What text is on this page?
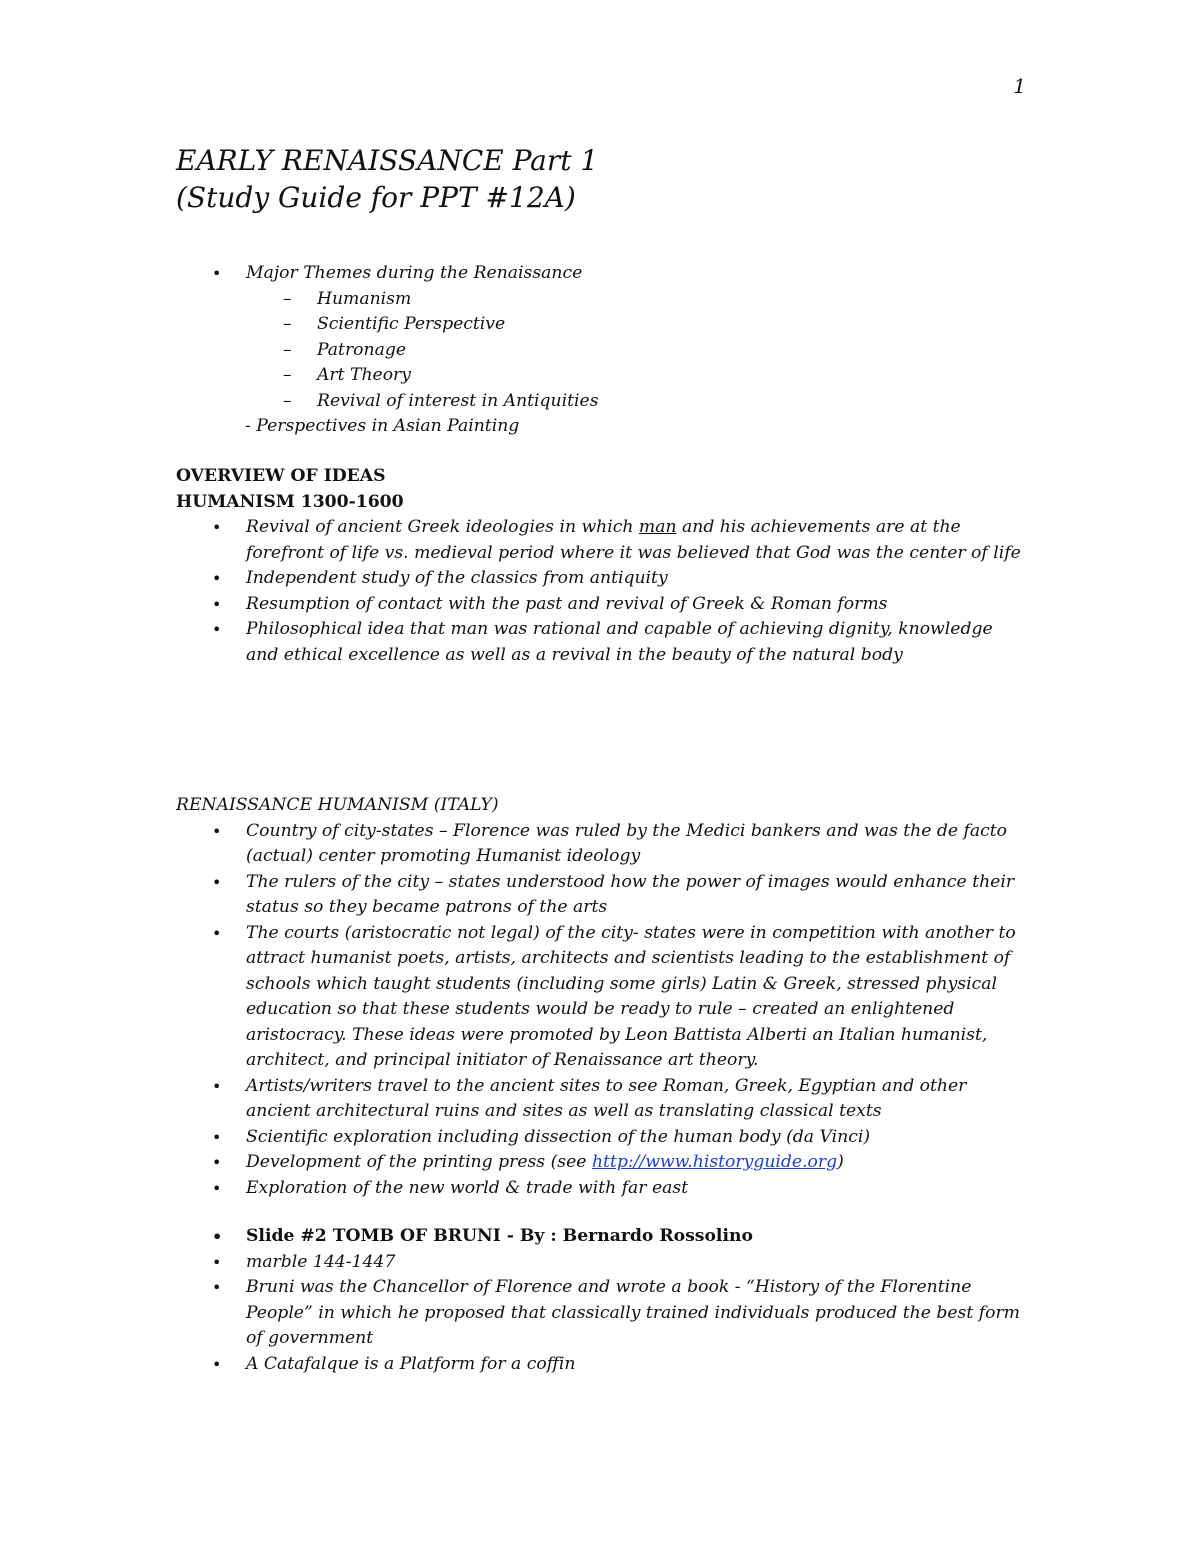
1
EARLY RENAISSANCE Part 1
(Study Guide for PPT #12A)
• Major Themes during the Renaissance
– Humanism
– Scientific Perspective
– Patronage
– Art Theory
– Revival of interest in Antiquities
- Perspectives in Asian Painting
OVERVIEW OF IDEAS
HUMANISM 1300-1600
• Revival of ancient Greek ideologies in which man and his achievements are at the forefront of life vs. medieval period where it was believed that God was the center of life
• Independent study of the classics from antiquity
• Resumption of contact with the past and revival of Greek & Roman forms
• Philosophical idea that man was rational and capable of achieving dignity, knowledge and ethical excellence as well as a revival in the beauty of the natural body
RENAISSANCE HUMANISM (ITALY)
• Country of city-states – Florence was ruled by the Medici bankers and was the de facto (actual) center promoting Humanist ideology
• The rulers of the city – states understood how the power of images would enhance their status so they became patrons of the arts
• The courts (aristocratic not legal) of the city- states were in competition with another to attract humanist poets, artists, architects and scientists leading to the establishment of schools which taught students (including some girls) Latin & Greek, stressed physical education so that these students would be ready to rule – created an enlightened aristocracy. These ideas were promoted by Leon Battista Alberti an Italian humanist, architect, and principal initiator of Renaissance art theory.
• Artists/writers travel to the ancient sites to see Roman, Greek, Egyptian and other ancient architectural ruins and sites as well as translating classical texts
• Scientific exploration including dissection of the human body (da Vinci)
• Development of the printing press (see http://www.historyguide.org)
• Exploration of the new world & trade with far east
• Slide #2 TOMB OF BRUNI - By : Bernardo Rossolino
• marble 144-1447
• Bruni was the Chancellor of Florence and wrote a book - “History of the Florentine People” in which he proposed that classically trained individuals produced the best form of government
• A Catafalque is a Platform for a coffin
